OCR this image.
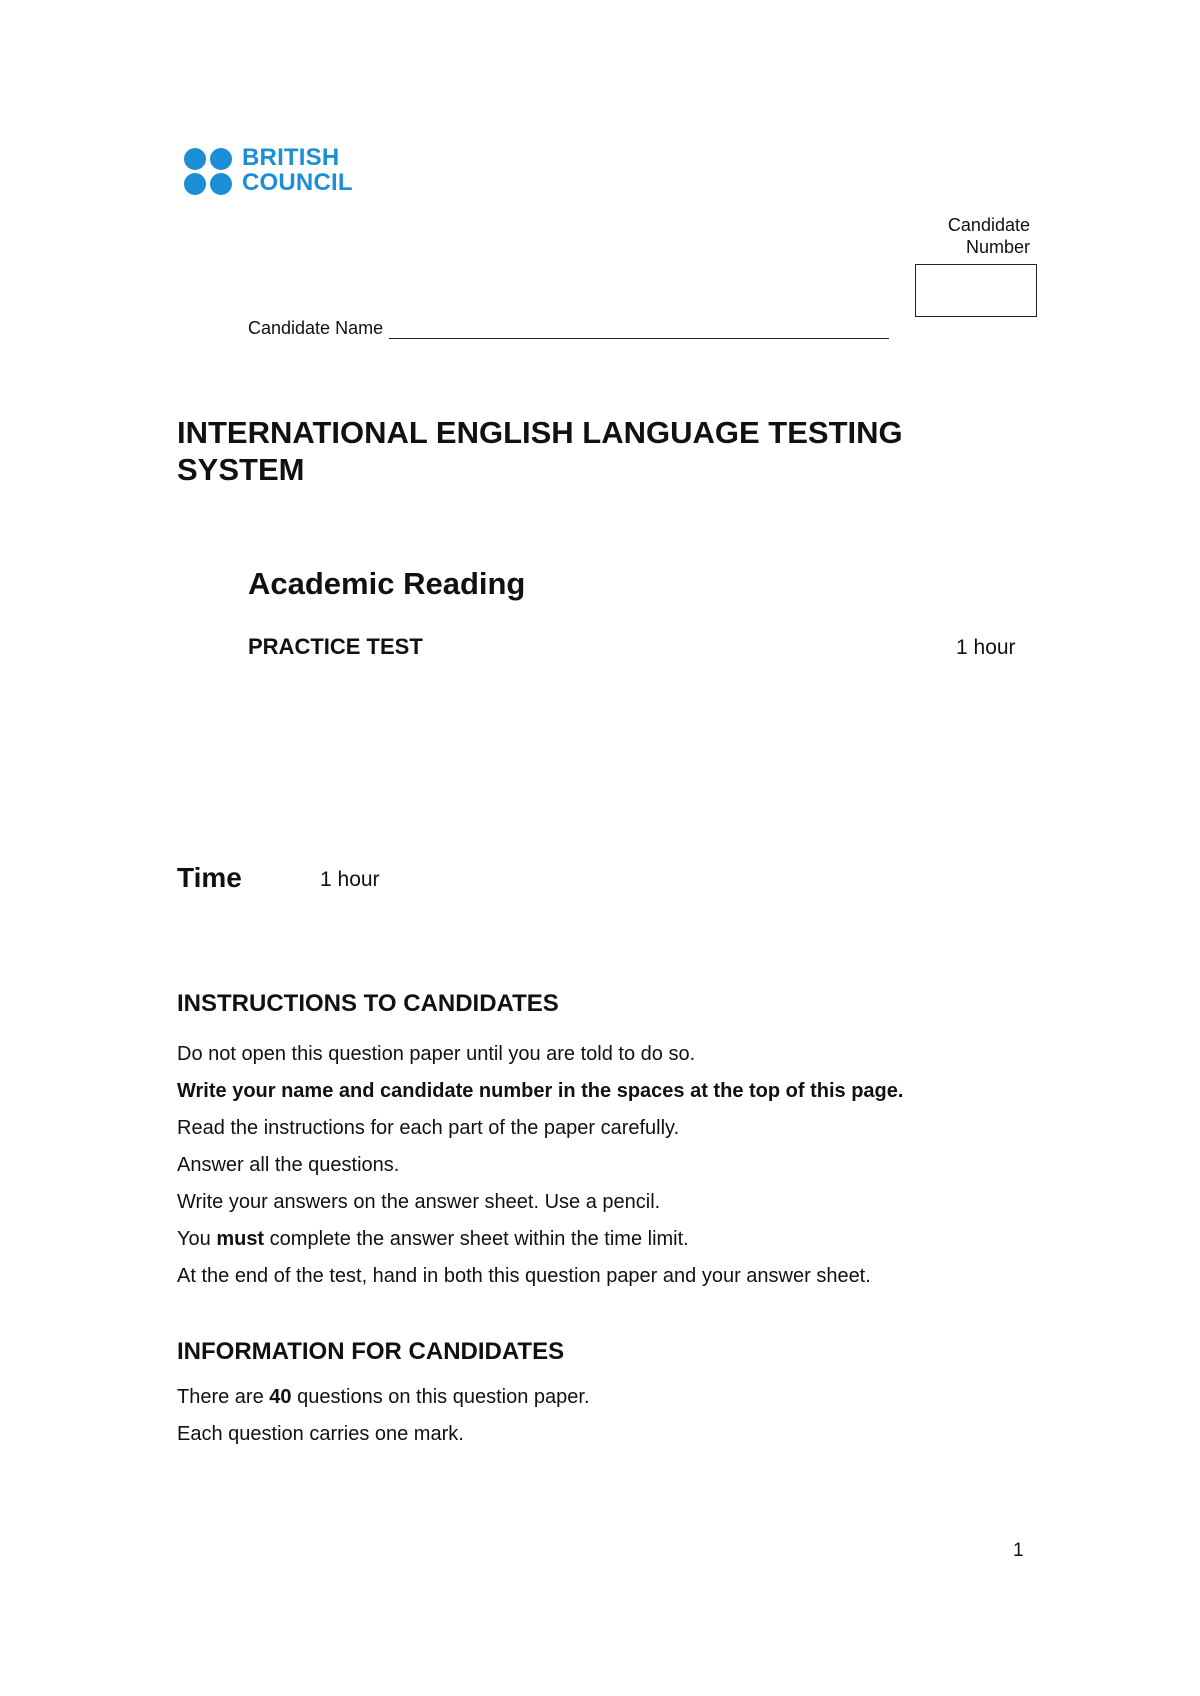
BRITISH
COUNCIL
Candidate
Number
Candidate Name
INTERNATIONAL ENGLISH LANGUAGE TESTING SYSTEM
Academic Reading
PRACTICE TEST	1 hour
Time	1 hour
INSTRUCTIONS TO CANDIDATES
Do not open this question paper until you are told to do so.
Write your name and candidate number in the spaces at the top of this page.
Read the instructions for each part of the paper carefully.
Answer all the questions.
Write your answers on the answer sheet. Use a pencil.
You must complete the answer sheet within the time limit.
At the end of the test, hand in both this question paper and your answer sheet.
INFORMATION FOR CANDIDATES
There are 40 questions on this question paper.
Each question carries one mark.
1
